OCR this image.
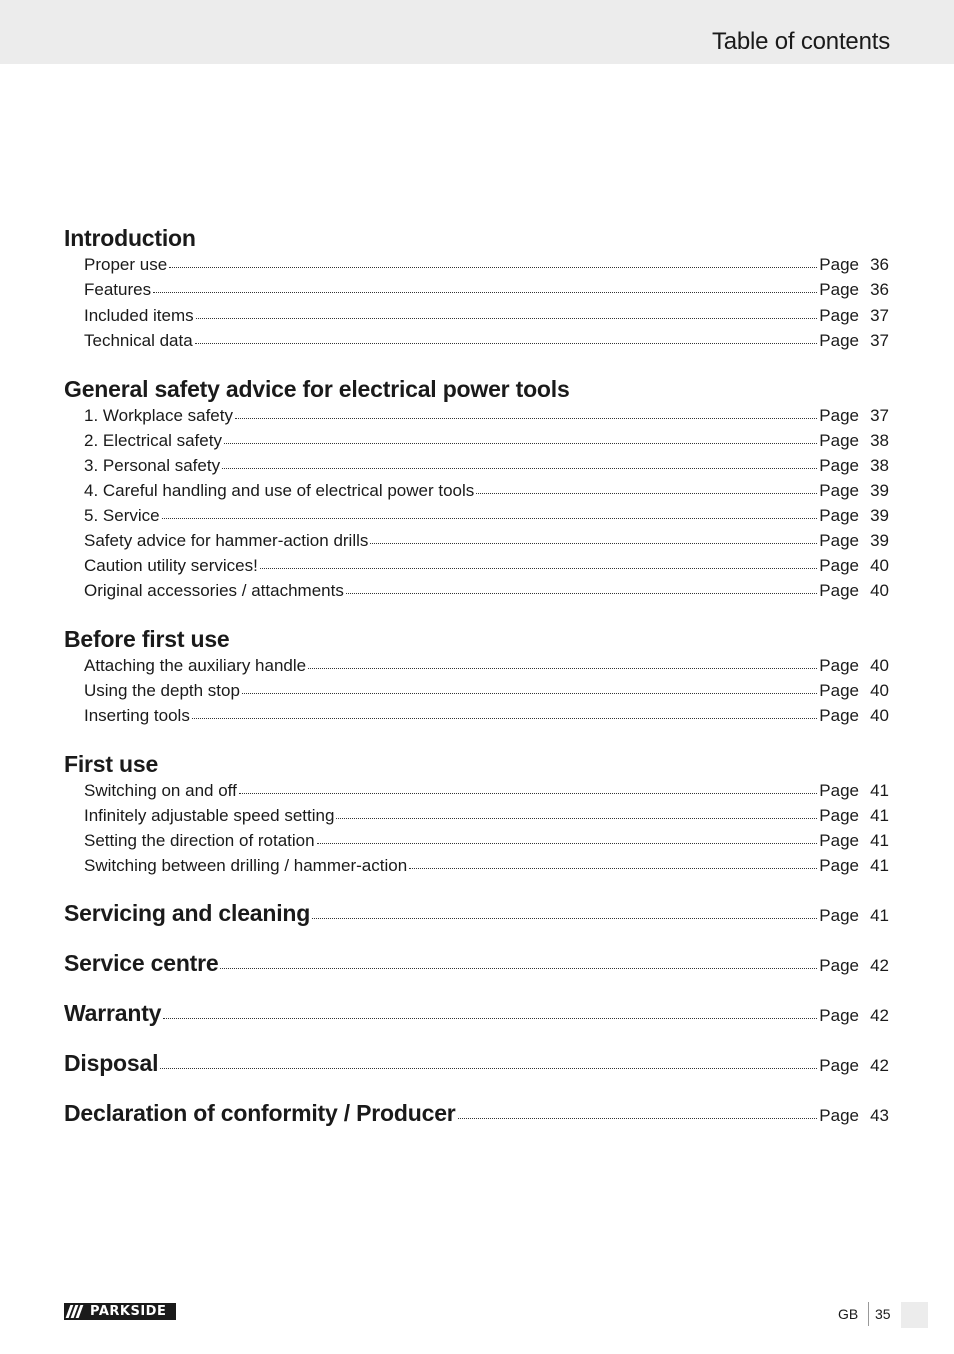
Table of contents
Introduction
Proper use	Page 36
Features	Page 36
Included items	Page 37
Technical data	Page 37
General safety advice for electrical power tools
1. Workplace safety	Page 37
2. Electrical safety	Page 38
3. Personal safety	Page 38
4. Careful handling and use of electrical power tools	Page 39
5. Service	Page 39
Safety advice for hammer-action drills	Page 39
Caution utility services!	Page 40
Original accessories / attachments	Page 40
Before first use
Attaching the auxiliary handle	Page 40
Using the depth stop	Page 40
Inserting tools	Page 40
First use
Switching on and off	Page 41
Infinitely adjustable speed setting	Page 41
Setting the direction of rotation	Page 41
Switching between drilling / hammer-action	Page 41
Servicing and cleaning	Page 41
Service centre	Page 42
Warranty	Page 42
Disposal	Page 42
Declaration of conformity / Producer	Page 43
PARKSIDE	GB 35
